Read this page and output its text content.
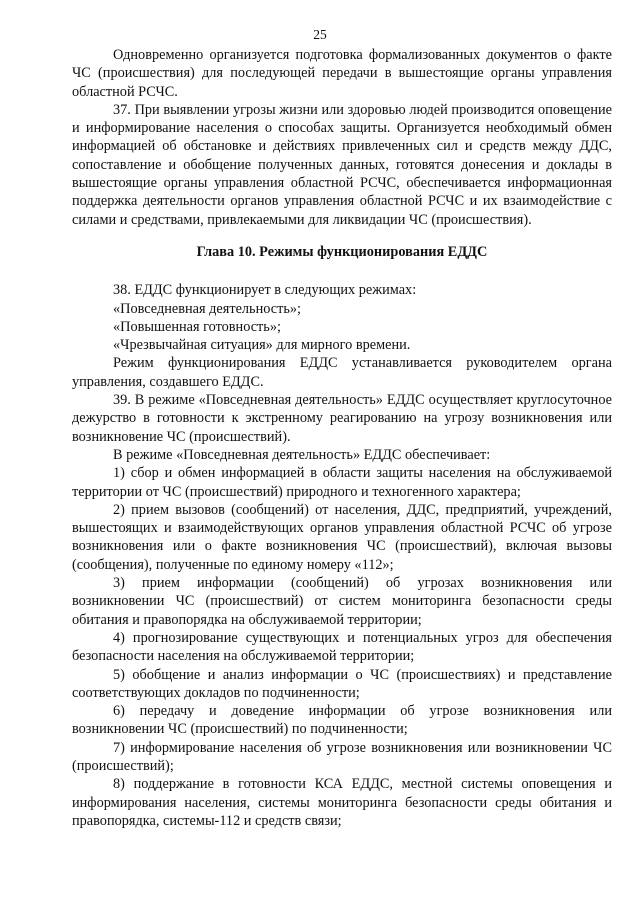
25

Одновременно организуется подготовка формализованных документов о факте ЧС (происшествия) для последующей передачи в вышестоящие органы управления областной РСЧС.

37. При выявлении угрозы жизни или здоровью людей производится оповещение и информирование населения о способах защиты. Организуется необходимый обмен информацией об обстановке и действиях привлеченных сил и средств между ДДС, сопоставление и обобщение полученных данных, готовятся донесения и доклады в вышестоящие органы управления областной РСЧС, обеспечивается информационная поддержка деятельности органов управления областной РСЧС и их взаимодействие с силами и средствами, привлекаемыми для ликвидации ЧС (происшествия).

Глава 10. Режимы функционирования ЕДДС

38. ЕДДС функционирует в следующих режимах:

«Повседневная деятельность»;

«Повышенная готовность»;

«Чрезвычайная ситуация» для мирного времени.

Режим функционирования ЕДДС устанавливается руководителем органа управления, создавшего ЕДДС.

39. В режиме «Повседневная деятельность» ЕДДС осуществляет круглосуточное дежурство в готовности к экстренному реагированию на угрозу возникновения или возникновение ЧС (происшествий).

В режиме «Повседневная деятельность» ЕДДС обеспечивает:

1) сбор и обмен информацией в области защиты населения на обслуживаемой территории от ЧС (происшествий) природного и техногенного характера;

2) прием вызовов (сообщений) от населения, ДДС, предприятий, учреждений, вышестоящих и взаимодействующих органов управления областной РСЧС об угрозе возникновения или о факте возникновения ЧС (происшествий), включая вызовы (сообщения), полученные по единому номеру «112»;

3) прием информации (сообщений) об угрозах возникновения или возникновении ЧС (происшествий) от систем мониторинга безопасности среды обитания и правопорядка на обслуживаемой территории;

4) прогнозирование существующих и потенциальных угроз для обеспечения безопасности населения на обслуживаемой территории;

5) обобщение и анализ информации о ЧС (происшествиях) и представление соответствующих докладов по подчиненности;

6) передачу и доведение информации об угрозе возникновения или возникновении ЧС (происшествий) по подчиненности;

7) информирование населения об угрозе возникновения или возникновении ЧС (происшествий);

8) поддержание в готовности КСА ЕДДС, местной системы оповещения и информирования населения, системы мониторинга безопасности среды обитания и правопорядка, системы-112 и средств связи;
